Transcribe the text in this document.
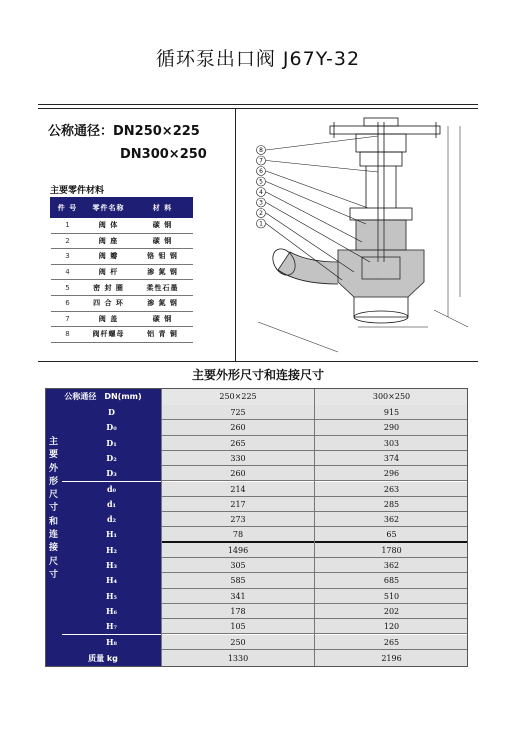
循环泵出口阀 J67Y-32
公称通径：DN250×225
DN300×250
主要零件材料
件 号	零件名称	材 料
1	阀 体	碳 钢
2	阀 座	碳 钢
3	阀 瓣	铬 钼 钢
4	阀 杆	渗 氮 钢
5	密 封 圈	柔性石墨
6	四 合 环	渗 氮 钢
7	阀 盖	碳 钢
8	阀杆螺母	铝 青 铜
8
7
6
5
4
3
2
1
主要外形尺寸和连接尺寸
公称通径　DN(mm)	250×225	300×250
主
要
外
形
尺
寸
和
连
接
尺
寸
D	725	915
D₀	260	290
D₁	265	303
D₂	330	374
D₃	260	296
d₀	214	263
d₁	217	285
d₂	273	362
H₁	78	65
H₂	1496	1780
H₃	305	362
H₄	585	685
H₅	341	510
H₆	178	202
H₇	105	120
H₈	250	265
质量 kg	1330	2196
